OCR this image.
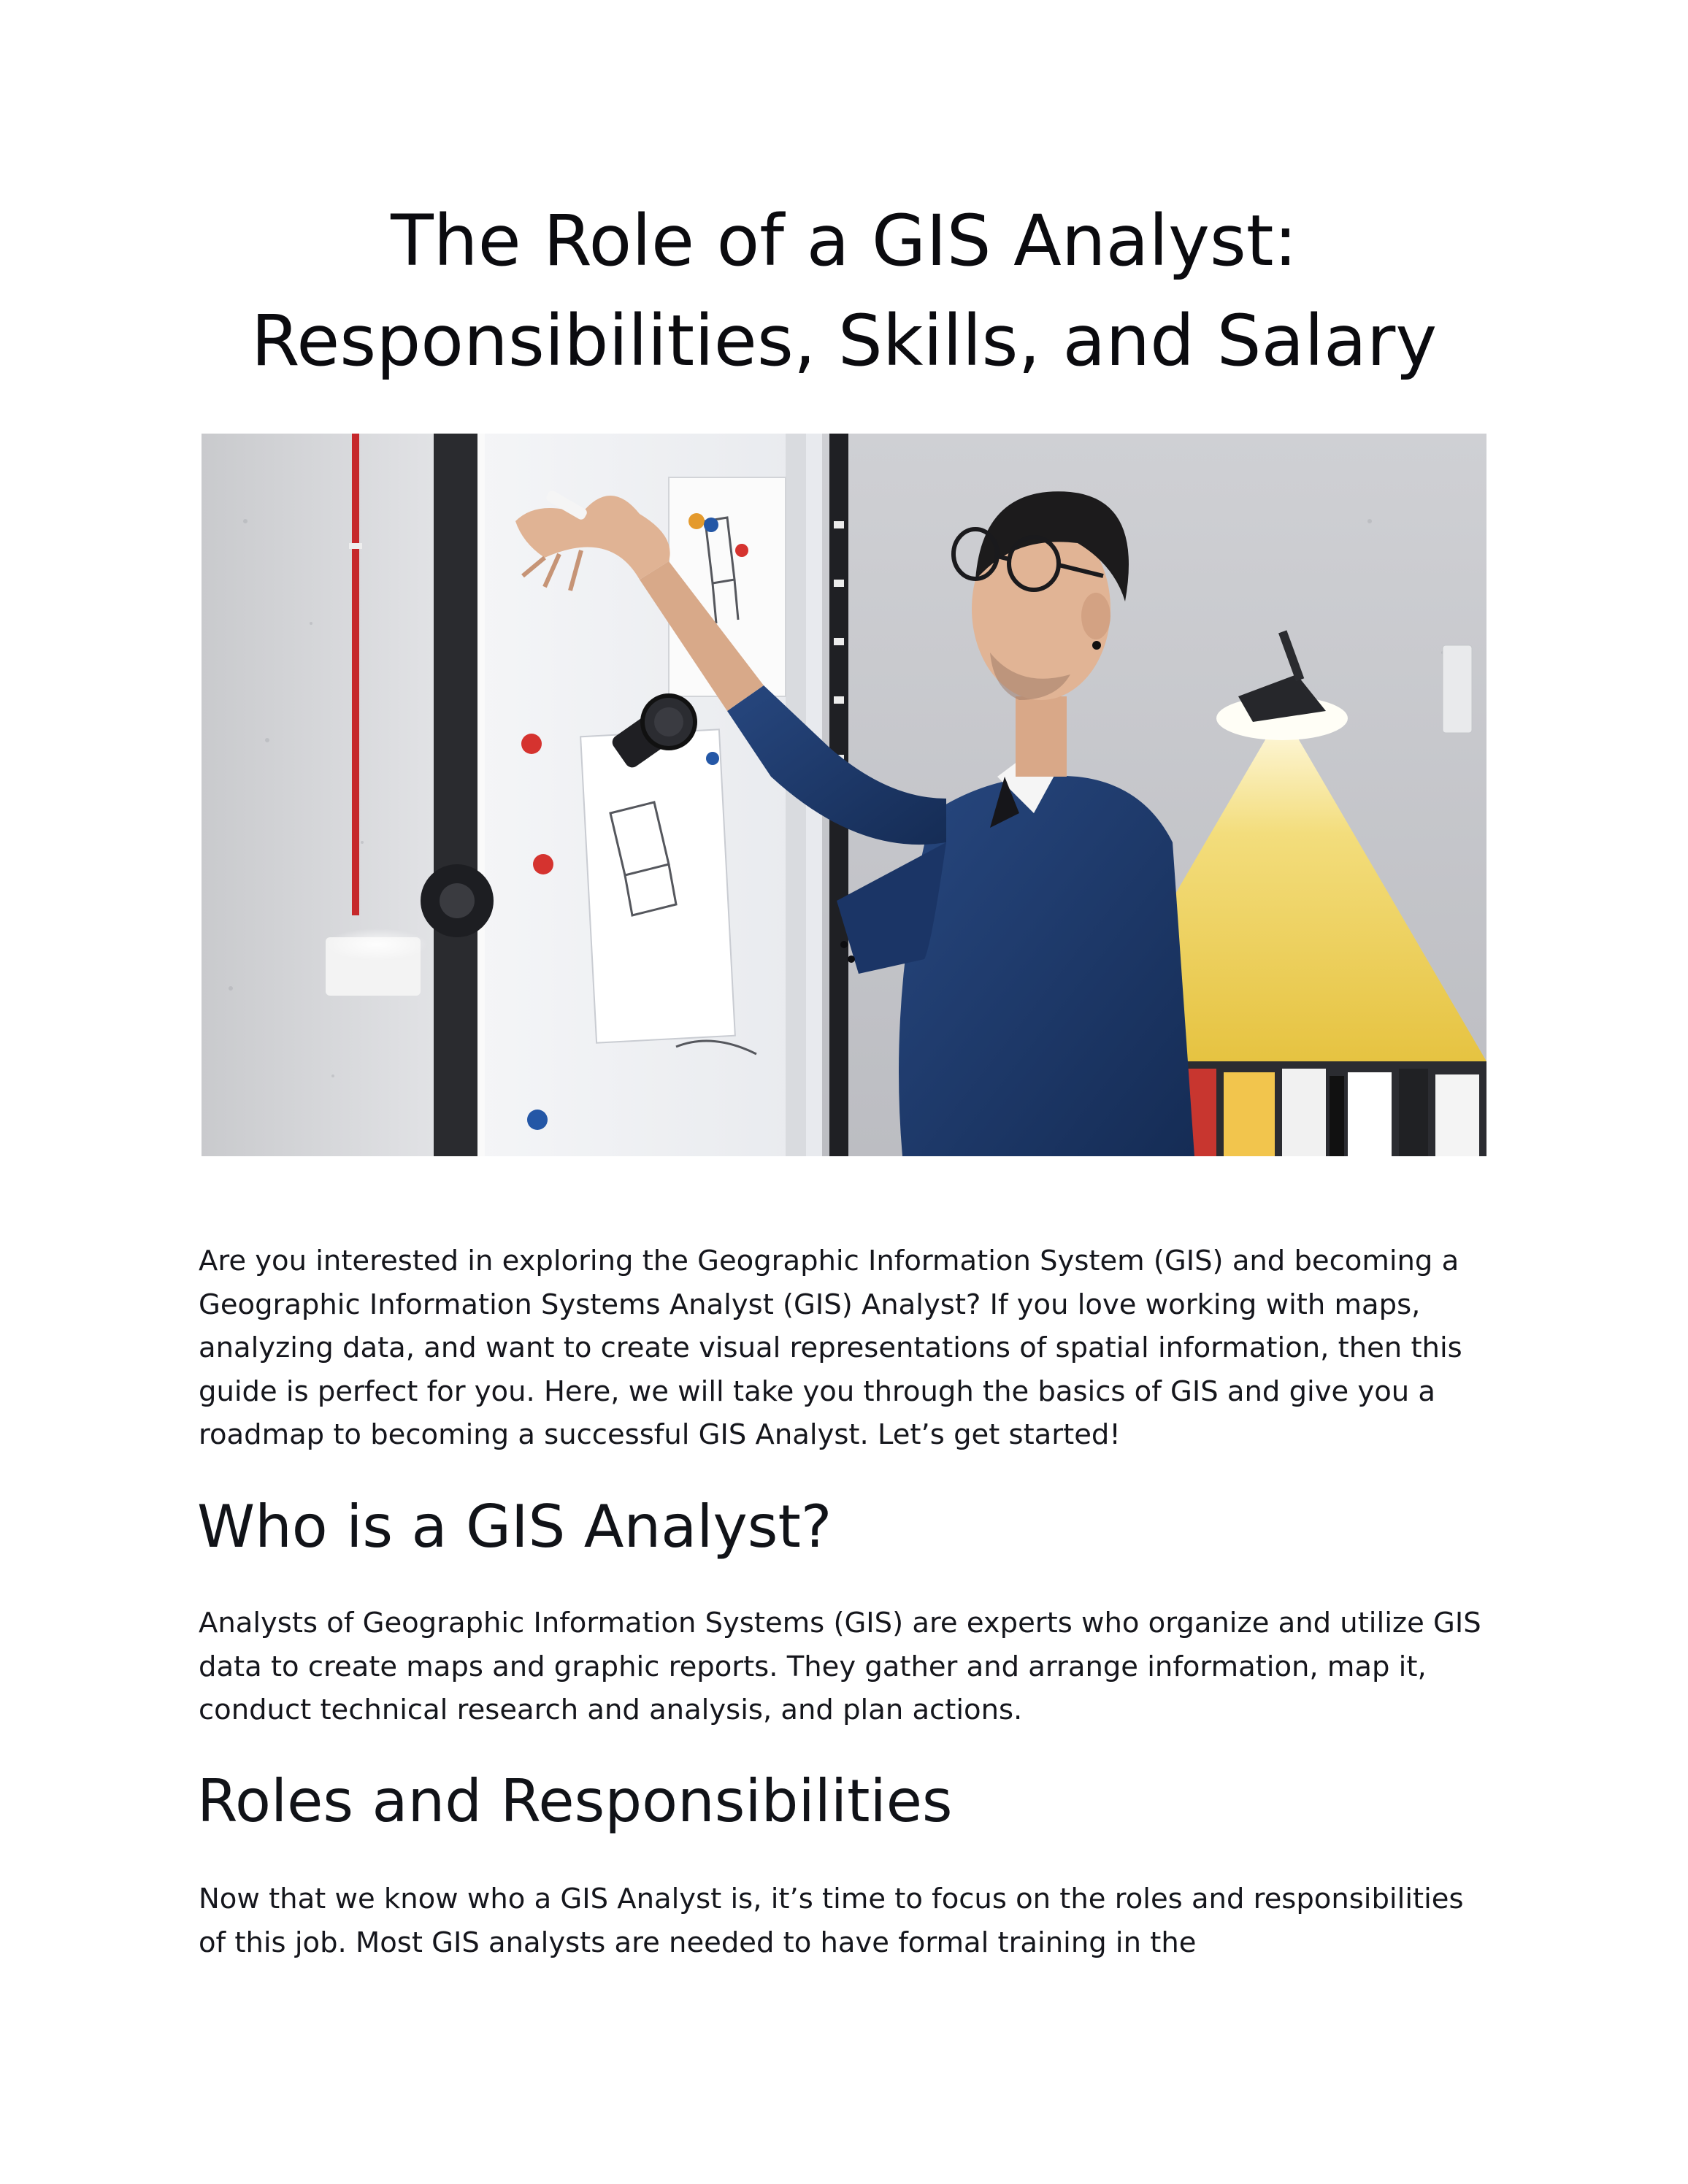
The Role of a GIS Analyst:
Responsibilities, Skills, and Salary

Are you interested in exploring the Geographic Information System (GIS) and becoming a Geographic Information Systems Analyst (GIS) Analyst? If you love working with maps, analyzing data, and want to create visual representations of spatial information, then this guide is perfect for you. Here, we will take you through the basics of GIS and give you a roadmap to becoming a successful GIS Analyst. Let’s get started!

Who is a GIS Analyst?

Analysts of Geographic Information Systems (GIS) are experts who organize and utilize GIS data to create maps and graphic reports. They gather and arrange information, map it, conduct technical research and analysis, and plan actions.

Roles and Responsibilities

Now that we know who a GIS Analyst is, it’s time to focus on the roles and responsibilities of this job. Most GIS analysts are needed to have formal training in the
